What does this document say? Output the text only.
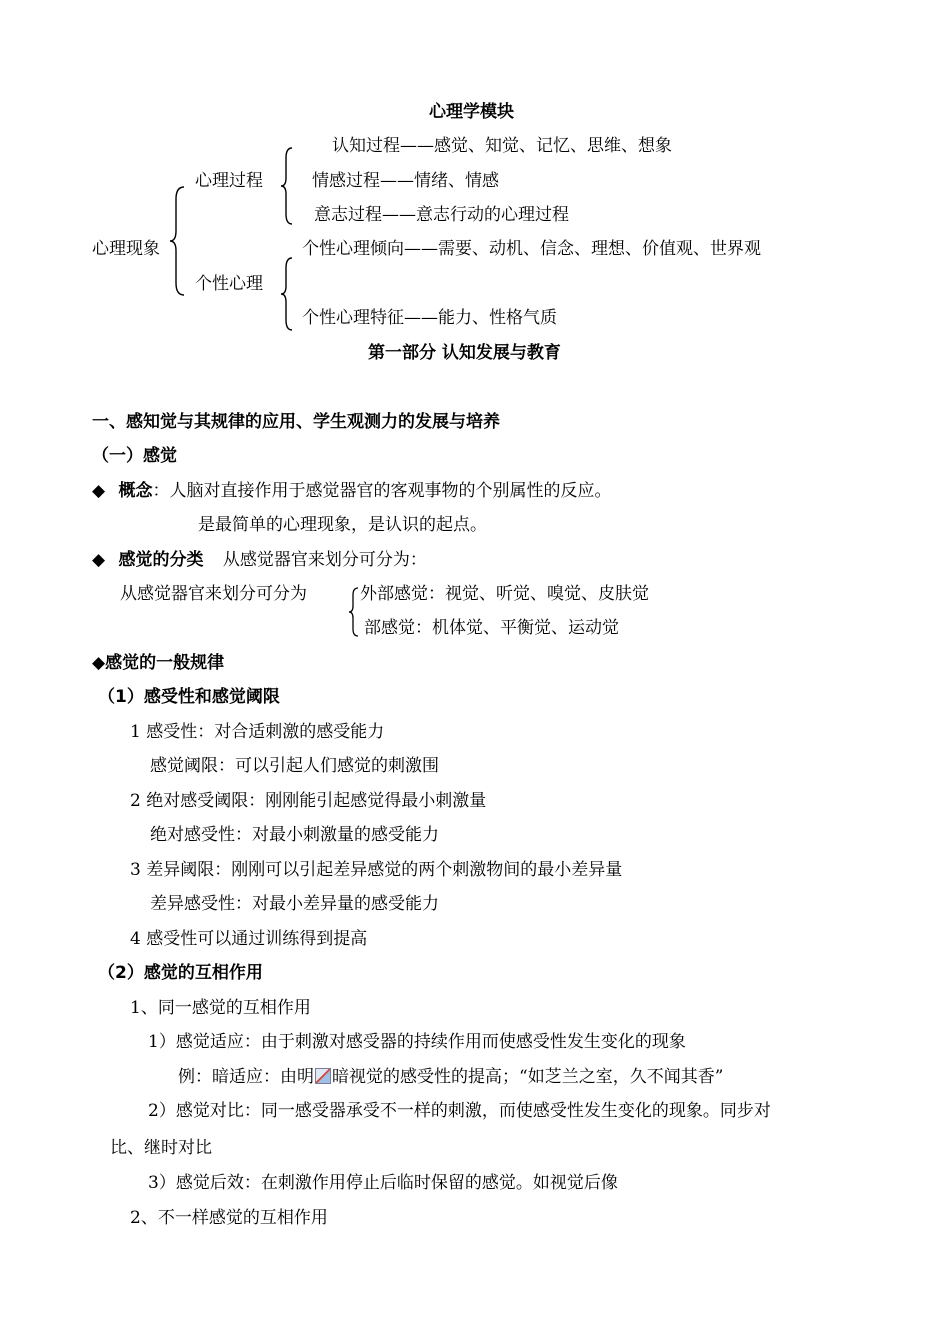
心理学模块
心理现象
心理过程
认知过程——感觉、知觉、记忆、思维、想象
情感过程——情绪、情感
意志过程——意志行动的心理过程
个性心理
个性心理倾向——需要、动机、信念、理想、价值观、世界观
个性心理特征——能力、性格气质
第一部分 认知发展与教育
一、感知觉与其规律的应用、学生观测力的发展与培养
（一）感觉
◆ 概念：人脑对直接作用于感觉器官的客观事物的个别属性的反应。
是最简单的心理现象，是认识的起点。
◆ 感觉的分类 从感觉器官来划分可分为：
从感觉器官来划分可分为	外部感觉：视觉、听觉、嗅觉、皮肤觉
部感觉：机体觉、平衡觉、运动觉
◆感觉的一般规律
（1）感受性和感觉阈限
1 感受性：对合适刺激的感受能力
感觉阈限：可以引起人们感觉的刺激围
2 绝对感受阈限：刚刚能引起感觉得最小刺激量
绝对感受性：对最小刺激量的感受能力
3 差异阈限：刚刚可以引起差异感觉的两个刺激物间的最小差异量
差异感受性：对最小差异量的感受能力
4 感受性可以通过训练得到提高
（2）感觉的互相作用
1、同一感觉的互相作用
1）感觉适应：由于刺激对感受器的持续作用而使感受性发生变化的现象
例：暗适应：由明 暗视觉的感受性的提高；“如芝兰之室，久不闻其香”
2）感觉对比：同一感受器承受不一样的刺激，而使感受性发生变化的现象。同步对
比、继时对比
3）感觉后效：在刺激作用停止后临时保留的感觉。如视觉后像
2、不一样感觉的互相作用
